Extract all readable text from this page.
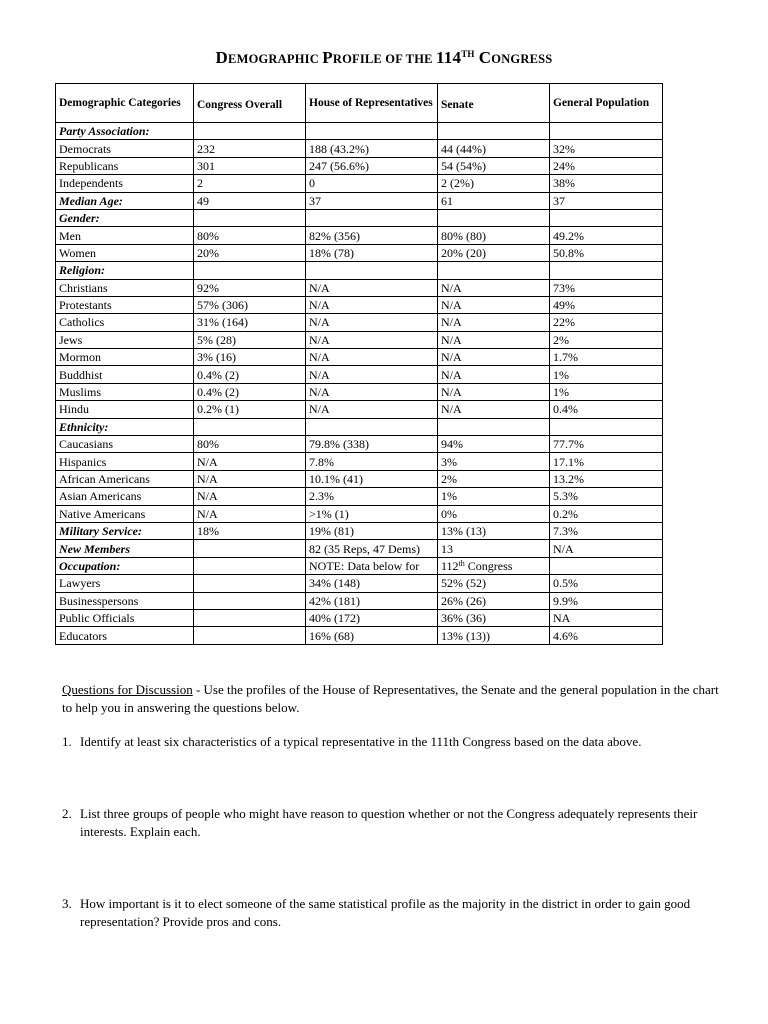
DEMOGRAPHIC PROFILE OF THE 114TH CONGRESS
Demographic Categories	Congress Overall	House of Representatives	Senate	General Population
Party Association:				
Democrats	232	188 (43.2%)	44 (44%)	32%
Republicans	301	247 (56.6%)	54 (54%)	24%
Independents	2	0	2 (2%)	38%
Median Age:	49	37	61	37
Gender:				
Men	80%	82% (356)	80% (80)	49.2%
Women	20%	18% (78)	20% (20)	50.8%
Religion:				
Christians	92%	N/A	N/A	73%
Protestants	57% (306)	N/A	N/A	49%
Catholics	31% (164)	N/A	N/A	22%
Jews	5% (28)	N/A	N/A	2%
Mormon	3% (16)	N/A	N/A	1.7%
Buddhist	0.4% (2)	N/A	N/A	1%
Muslims	0.4% (2)	N/A	N/A	1%
Hindu	0.2% (1)	N/A	N/A	0.4%
Ethnicity:				
Caucasians	80%	79.8% (338)	94%	77.7%
Hispanics	N/A	7.8%	3%	17.1%
African Americans	N/A	10.1% (41)	2%	13.2%
Asian Americans	N/A	2.3%	1%	5.3%
Native Americans	N/A	>1% (1)	0%	0.2%
Military Service:	18%	19% (81)	13% (13)	7.3%
New Members		82 (35 Reps, 47 Dems)	13	N/A
Occupation:		NOTE: Data below for	112th Congress	
Lawyers		34% (148)	52% (52)	0.5%
Businesspersons		42% (181)	26% (26)	9.9%
Public Officials		40% (172)	36% (36)	NA
Educators		16% (68)	13% (13))	4.6%

Questions for Discussion - Use the profiles of the House of Representatives, the Senate and the general population in the chart to help you in answering the questions below.

1. Identify at least six characteristics of a typical representative in the 111th Congress based on the data above.

2. List three groups of people who might have reason to question whether or not the Congress adequately represents their interests. Explain each.

3. How important is it to elect someone of the same statistical profile as the majority in the district in order to gain good representation? Provide pros and cons.
